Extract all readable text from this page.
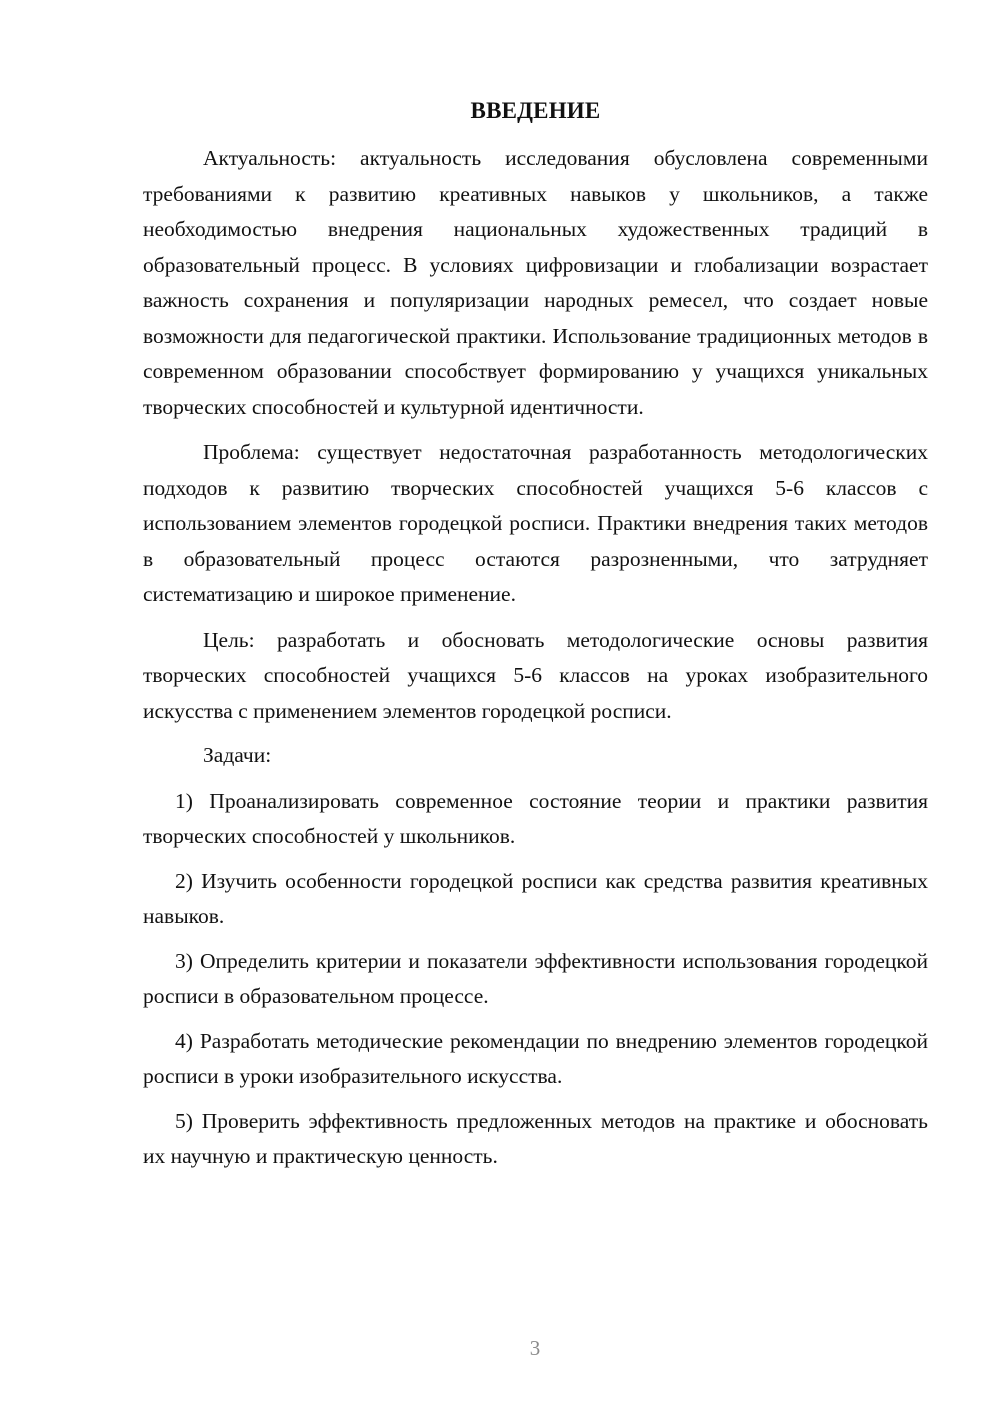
ВВЕДЕНИЕ

Актуальность: актуальность исследования обусловлена современными требованиями к развитию креативных навыков у школьников, а также необходимостью внедрения национальных художественных традиций в образовательный процесс. В условиях цифровизации и глобализации возрастает важность сохранения и популяризации народных ремесел, что создает новые возможности для педагогической практики. Использование традиционных методов в современном образовании способствует формированию у учащихся уникальных творческих способностей и культурной идентичности.

Проблема: существует недостаточная разработанность методологических подходов к развитию творческих способностей учащихся 5-6 классов с использованием элементов городецкой росписи. Практики внедрения таких методов в образовательный процесс остаются разрозненными, что затрудняет систематизацию и широкое применение.

Цель: разработать и обосновать методологические основы развития творческих способностей учащихся 5-6 классов на уроках изобразительного искусства с применением элементов городецкой росписи.

Задачи:

1) Проанализировать современное состояние теории и практики развития творческих способностей у школьников.

2) Изучить особенности городецкой росписи как средства развития креативных навыков.

3) Определить критерии и показатели эффективности использования городецкой росписи в образовательном процессе.

4) Разработать методические рекомендации по внедрению элементов городецкой росписи в уроки изобразительного искусства.

5) Проверить эффективность предложенных методов на практике и обосновать их научную и практическую ценность.

3
